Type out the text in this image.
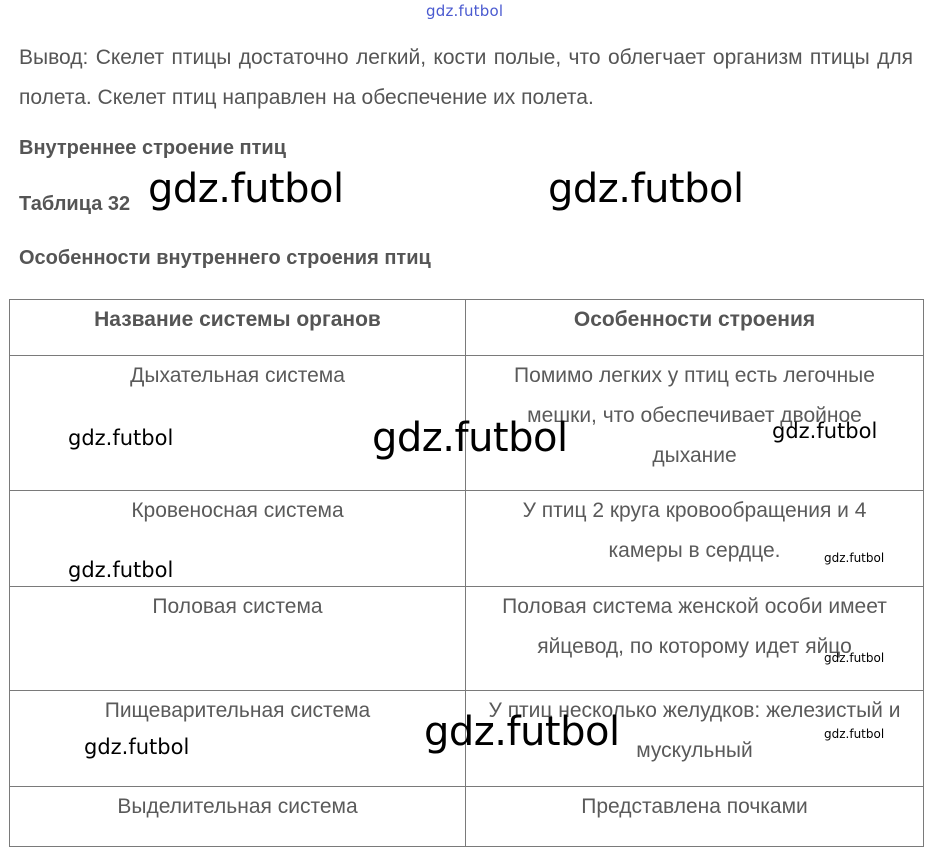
gdz.futbol
Вывод: Скелет птицы достаточно легкий, кости полые, что облегчает организм птицы для полета. Скелет птиц направлен на обеспечение их полета.
Внутреннее строение птиц
Таблица 32
Особенности внутреннего строения птиц
Название системы органов	Особенности строения
Дыхательная система	Помимо легких у птиц есть легочные мешки, что обеспечивает двойное дыхание
Кровеносная система	У птиц 2 круга кровообращения и 4 камеры в сердце.
Половая система	Половая система женской особи имеет яйцевод, по которому идет яйцо
Пищеварительная система	У птиц несколько желудков: железистый и мускульный
Выделительная система	Представлена почками
gdz.futbol	gdz.futbol
gdz.futbol
gdz.futbol	gdz.futbol
gdz.futbol	gdz.futbol
gdz.futbol
gdz.futbol
gdz.futbol
gdz.futbol
